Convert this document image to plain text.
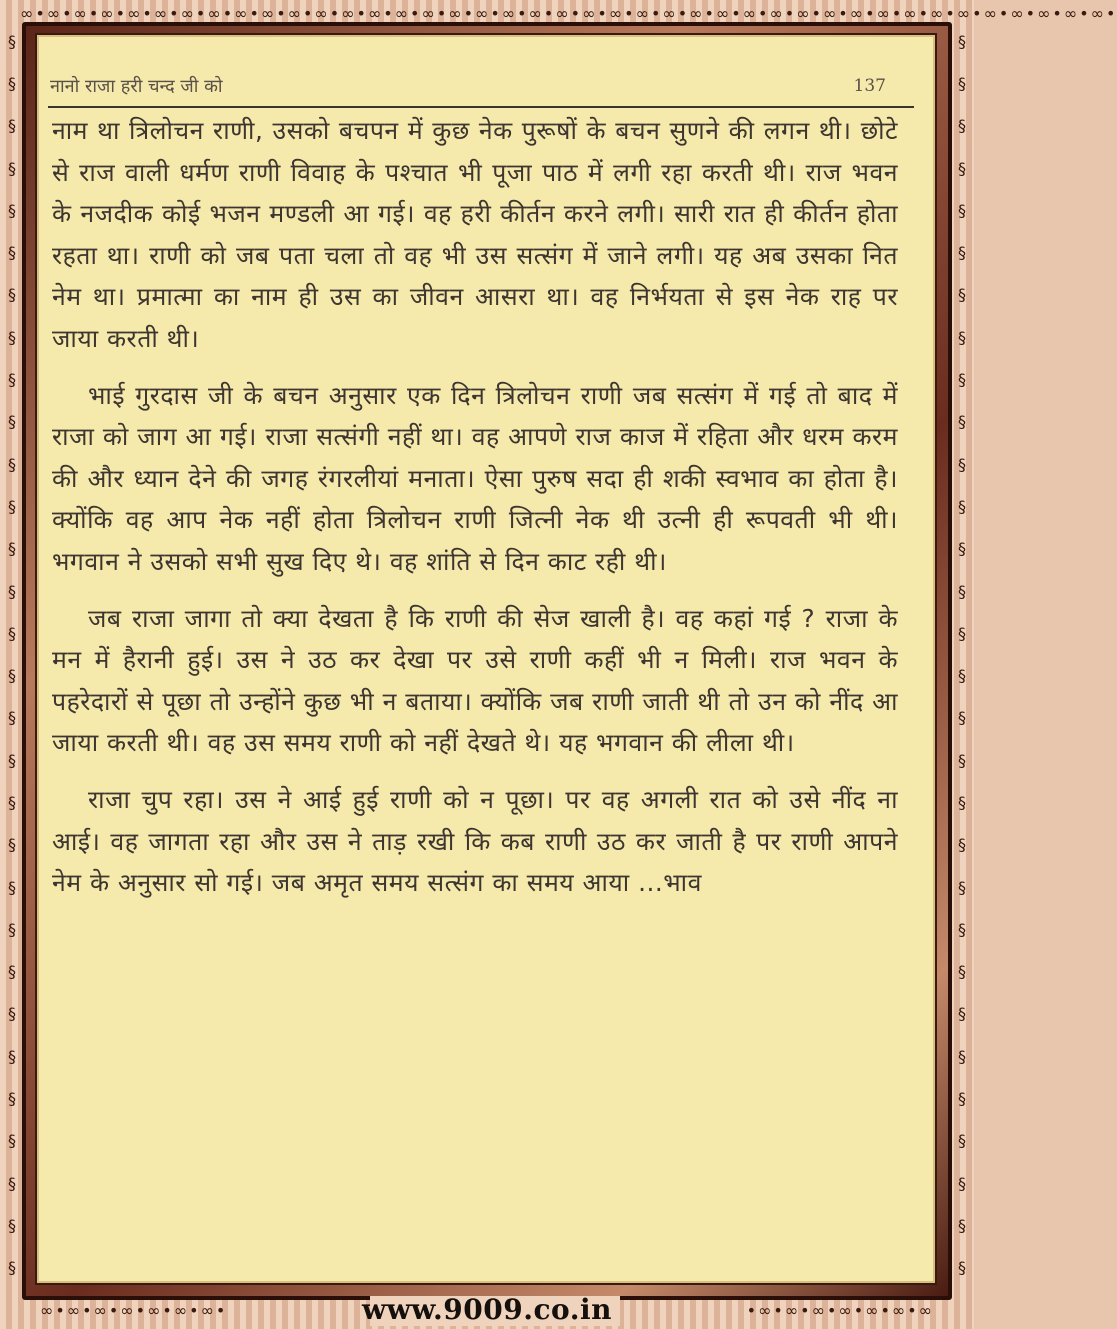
∞•∞•∞•∞•∞•∞•∞•∞•∞•∞•∞•∞•∞•∞•∞•∞•∞•∞•∞•∞•∞•∞•∞•∞•∞•∞•∞•∞•∞•∞•∞•∞•∞•∞•∞•∞•∞•∞•∞•∞•∞•
§
§
§
§
§
§
§
§
§
§
§
§
§
§
§
§
§
§
§
§
§
§
§
§
§
§
§
§
§
§
§
§
§
§
§
§
§
§
§
§
§
§
§
§
§
§
§
§
§
§
§
§
§
§
§
§
§
§
§
§
नानो राजा हरी चन्द जी को	137

नाम था त्रिलोचन राणी, उसको बचपन में कुछ नेक पुरूषों के बचन सुणने की लगन थी। छोटे से राज वाली धर्मण राणी विवाह के पश्चात भी पूजा पाठ में लगी रहा करती थी। राज भवन के नजदीक कोई भजन मण्डली आ गई। वह हरी कीर्तन करने लगी। सारी रात ही कीर्तन होता रहता था। राणी को जब पता चला तो वह भी उस सत्संग में जाने लगी। यह अब उसका नित नेम था। प्रमात्मा का नाम ही उस का जीवन आसरा था। वह निर्भयता से इस नेक राह पर जाया करती थी।

भाई गुरदास जी के बचन अनुसार एक दिन त्रिलोचन राणी जब सत्संग में गई तो बाद में राजा को जाग आ गई। राजा सत्संगी नहीं था। वह आपणे राज काज में रहिता और धरम करम की और ध्यान देने की जगह रंगरलीयां मनाता। ऐसा पुरुष सदा ही शकी स्वभाव का होता है। क्योंकि वह आप नेक नहीं होता त्रिलोचन राणी जित्नी नेक थी उत्नी ही रूपवती भी थी। भगवान ने उसको सभी सुख दिए थे। वह शांति से दिन काट रही थी।

जब राजा जागा तो क्या देखता है कि राणी की सेज खाली है। वह कहां गई ? राजा के मन में हैरानी हुई। उस ने उठ कर देखा पर उसे राणी कहीं भी न मिली। राज भवन के पहरेदारों से पूछा तो उन्होंने कुछ भी न बताया। क्योंकि जब राणी जाती थी तो उन को नींद आ जाया करती थी। वह उस समय राणी को नहीं देखते थे। यह भगवान की लीला थी।

राजा चुप रहा। उस ने आई हुई राणी को न पूछा। पर वह अगली रात को उसे नींद ना आई। वह जागता रहा और उस ने ताड़ रखी कि कब राणी उठ कर जाती है पर राणी आपने नेम के अनुसार सो गई। जब अमृत समय सत्संग का समय आया ...भाव

www.9009.co.in
∞•∞•∞•∞•∞•∞•∞•	•∞•∞•∞•∞•∞•∞•∞
